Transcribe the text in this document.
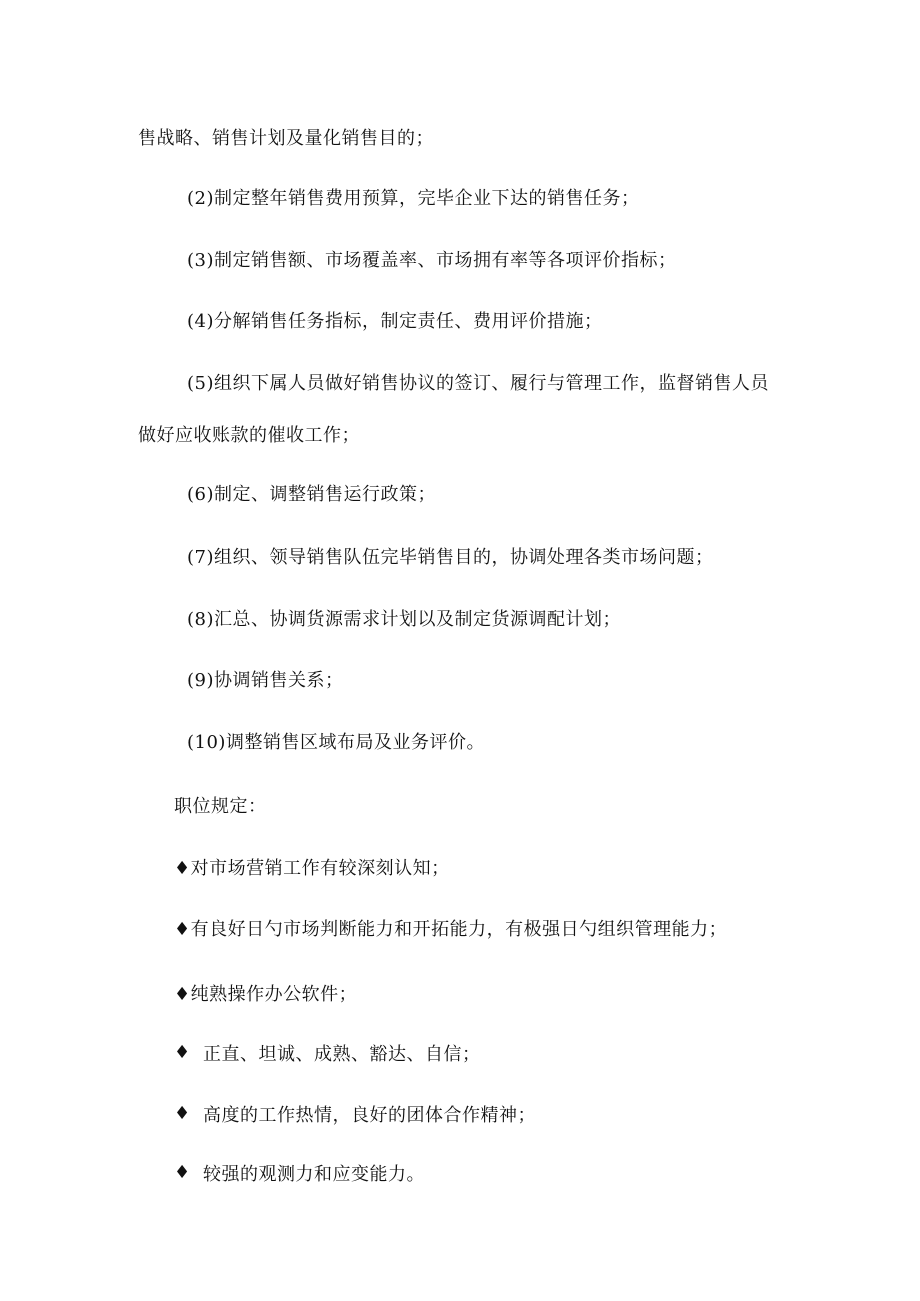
售战略、销售计划及量化销售目的；
(2)制定整年销售费用预算，完毕企业下达的销售任务；
(3)制定销售额、市场覆盖率、市场拥有率等各项评价指标；
(4)分解销售任务指标，制定责任、费用评价措施；
(5)组织下属人员做好销售协议的签订、履行与管理工作，监督销售人员
做好应收账款的催收工作；
(6)制定、调整销售运行政策；
(7)组织、领导销售队伍完毕销售目的，协调处理各类市场问题；
(8)汇总、协调货源需求计划以及制定货源调配计划；
(9)协调销售关系；
(10)调整销售区域布局及业务评价。
职位规定：
♦对市场营销工作有较深刻认知；
♦有良好日勺市场判断能力和开拓能力，有极强日勺组织管理能力；
♦纯熟操作办公软件；
♦ 正直、坦诚、成熟、豁达、自信；
♦ 高度的工作热情，良好的团体合作精神；
♦ 较强的观测力和应变能力。
